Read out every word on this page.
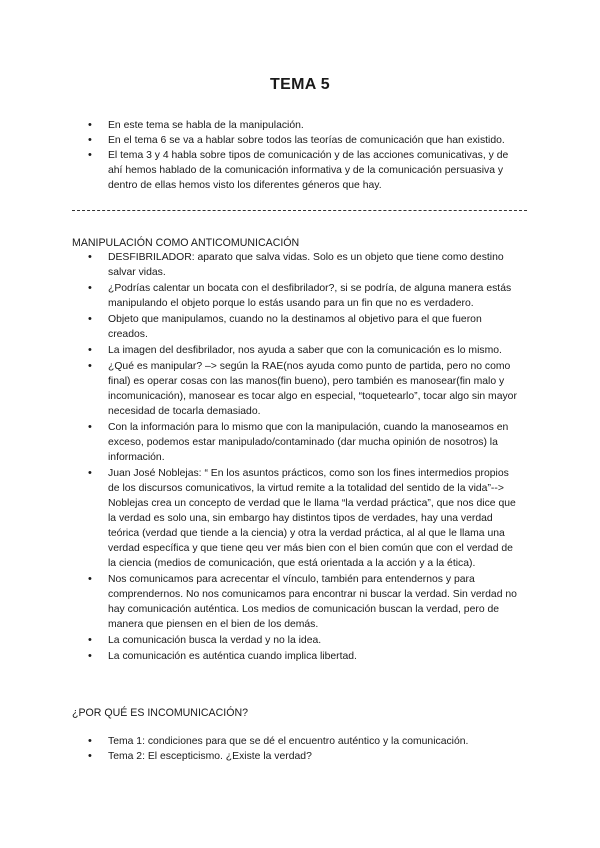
TEMA 5
• En este tema se habla de la manipulación.
• En el tema 6 se va a hablar sobre todos las teorías de comunicación que han existido.
• El tema 3 y 4 habla sobre tipos de comunicación y de las acciones comunicativas, y de ahí hemos hablado de la comunicación informativa y de la comunicación persuasiva y dentro de ellas hemos visto los diferentes géneros que hay.
MANIPULACIÓN COMO ANTICOMUNICACIÓN
• DESFIBRILADOR: aparato que salva vidas. Solo es un objeto que tiene como destino salvar vidas.
• ¿Podrías calentar un bocata con el desfibrilador?, si se podría, de alguna manera estás manipulando el objeto porque lo estás usando para un fin que no es verdadero.
• Objeto que manipulamos, cuando no la destinamos al objetivo para el que fueron creados.
• La imagen del desfibrilador, nos ayuda a saber que con la comunicación es lo mismo.
• ¿Qué es manipular? –> según la RAE(nos ayuda como punto de partida, pero no como final) es operar cosas con las manos(fin bueno), pero también es manosear(fin malo y incomunicación), manosear es tocar algo en especial, “toquetearlo”, tocar algo sin mayor necesidad de tocarla demasiado.
• Con la información para lo mismo que con la manipulación, cuando la manoseamos en exceso, podemos estar manipulado/contaminado (dar mucha opinión de nosotros) la información.
• Juan José Noblejas: “ En los asuntos prácticos, como son los fines intermedios propios de los discursos comunicativos, la virtud remite a la totalidad del sentido de la vida”--> Noblejas crea un concepto de verdad que le llama “la verdad práctica”, que nos dice que la verdad es solo una, sin embargo hay distintos tipos de verdades, hay una verdad teórica (verdad que tiende a la ciencia) y otra la verdad práctica, al al que le llama una verdad específica y que tiene qeu ver más bien con el bien común que con el verdad de la ciencia (medios de comunicación, que está orientada a la acción y a la ética).
• Nos comunicamos para acrecentar el vínculo, también para entendernos y para comprendernos. No nos comunicamos para encontrar ni buscar la verdad. Sin verdad no hay comunicación auténtica. Los medios de comunicación buscan la verdad, pero de manera que piensen en el bien de los demás.
• La comunicación busca la verdad y no la idea.
• La comunicación es auténtica cuando implica libertad.
¿POR QUÉ ES INCOMUNICACIÓN?
• Tema 1: condiciones para que se dé el encuentro auténtico y la comunicación.
• Tema 2: El escepticismo. ¿Existe la verdad?
